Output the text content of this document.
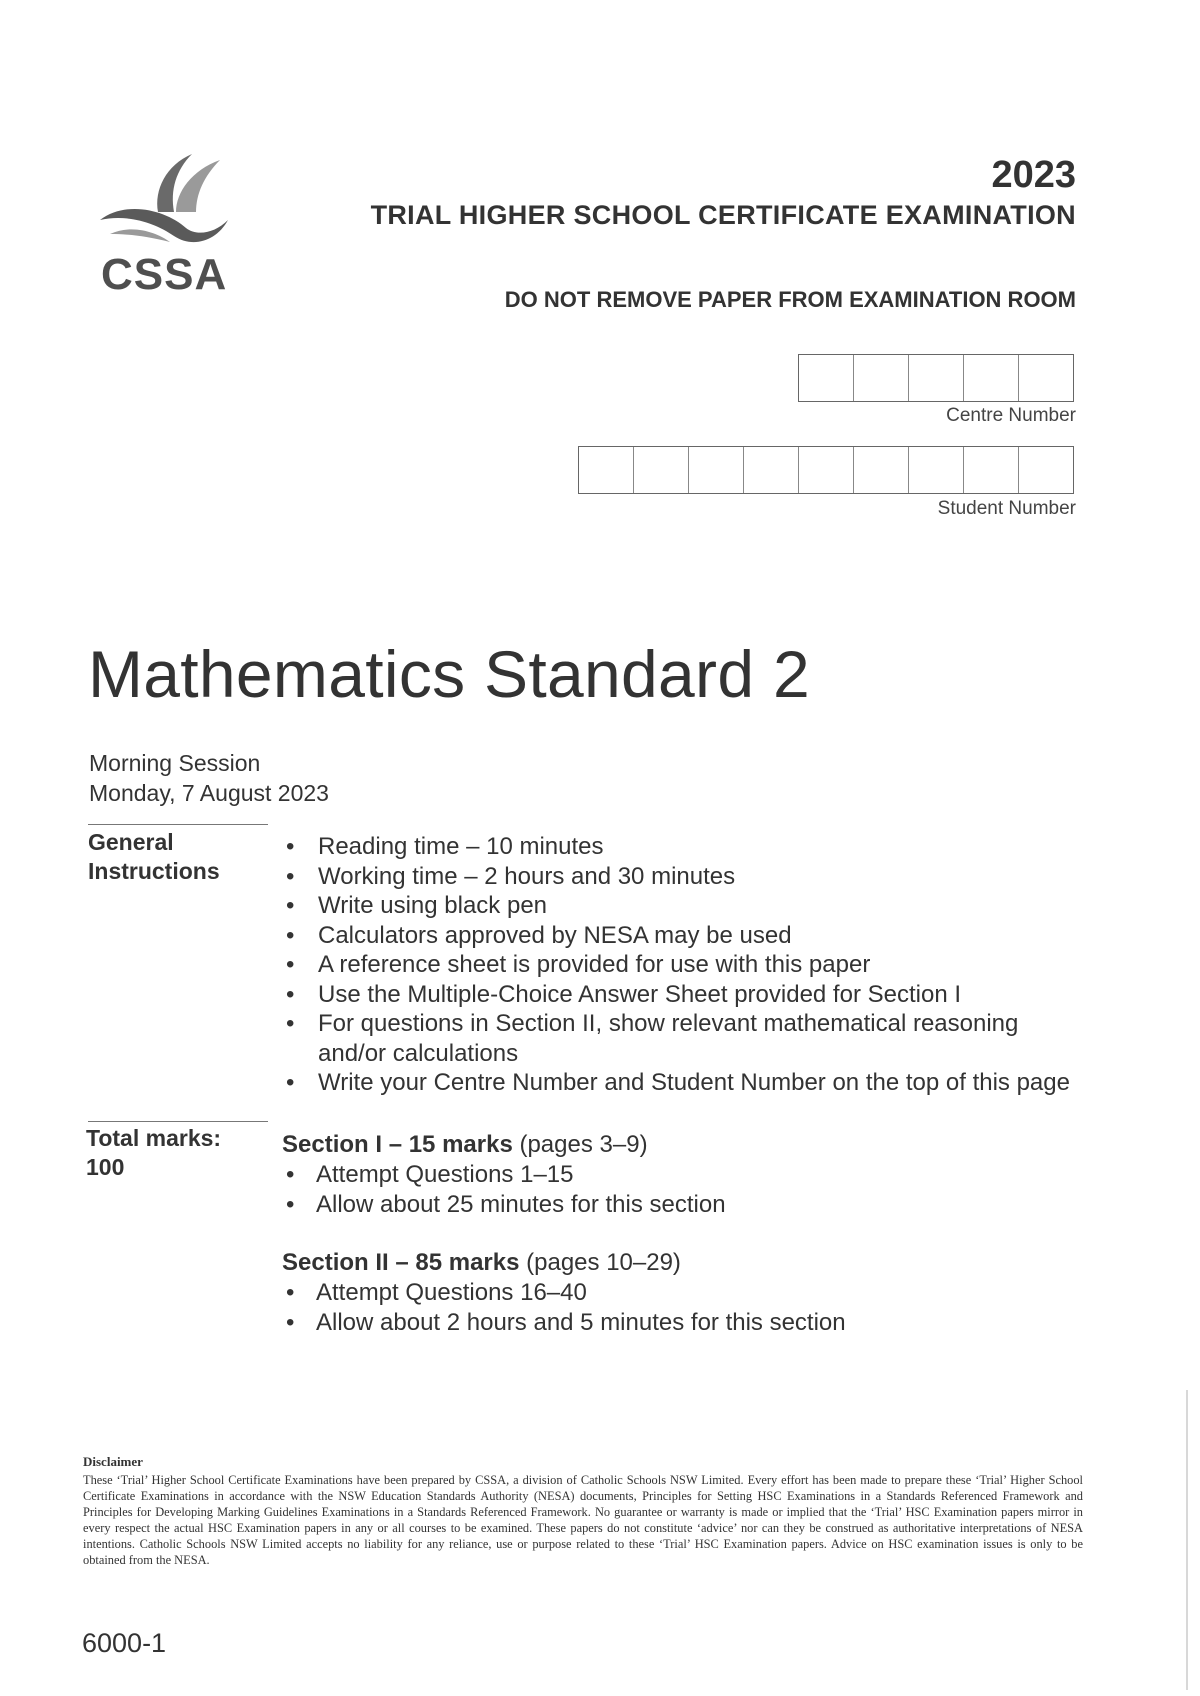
CSSA
2023
TRIAL HIGHER SCHOOL CERTIFICATE EXAMINATION
DO NOT REMOVE PAPER FROM EXAMINATION ROOM
Centre Number
Student Number
Mathematics Standard 2
Morning Session
Monday, 7 August 2023
General
Instructions
• Reading time – 10 minutes
• Working time – 2 hours and 30 minutes
• Write using black pen
• Calculators approved by NESA may be used
• A reference sheet is provided for use with this paper
• Use the Multiple-Choice Answer Sheet provided for Section I
• For questions in Section II, show relevant mathematical reasoning and/or calculations
• Write your Centre Number and Student Number on the top of this page
Total marks:
100
Section I – 15 marks (pages 3–9)
• Attempt Questions 1–15
• Allow about 25 minutes for this section
Section II – 85 marks (pages 10–29)
• Attempt Questions 16–40
• Allow about 2 hours and 5 minutes for this section
Disclaimer
These ‘Trial’ Higher School Certificate Examinations have been prepared by CSSA, a division of Catholic Schools NSW Limited. Every effort has been made to prepare these ‘Trial’ Higher School Certificate Examinations in accordance with the NSW Education Standards Authority (NESA) documents, Principles for Setting HSC Examinations in a Standards Referenced Framework and Principles for Developing Marking Guidelines Examinations in a Standards Referenced Framework. No guarantee or warranty is made or implied that the ‘Trial’ HSC Examination papers mirror in every respect the actual HSC Examination papers in any or all courses to be examined. These papers do not constitute ‘advice’ nor can they be construed as authoritative interpretations of NESA intentions. Catholic Schools NSW Limited accepts no liability for any reliance, use or purpose related to these ‘Trial’ HSC Examination papers. Advice on HSC examination issues is only to be obtained from the NESA.
6000-1
